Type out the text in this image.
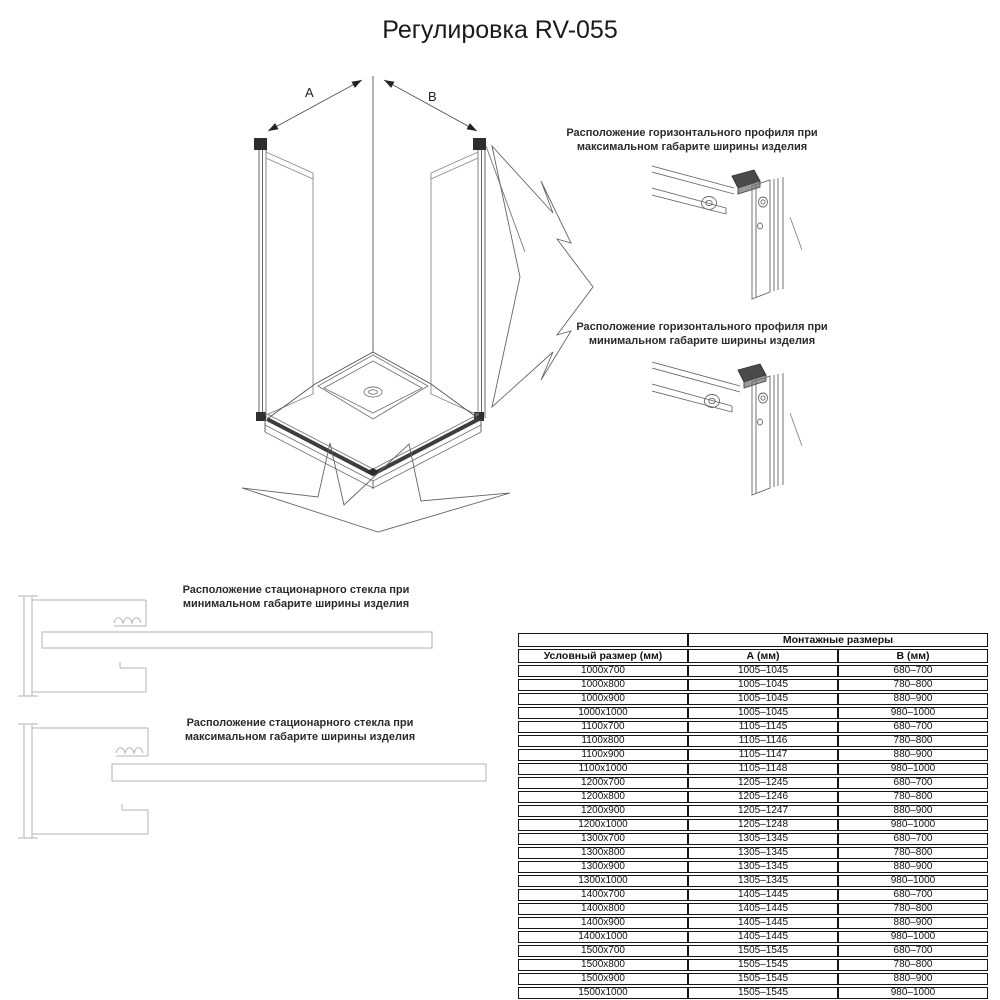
Регулировка RV-055
A	B
Расположение горизонтального профиля при максимальном габарите ширины изделия
Расположение горизонтального профиля при минимальном габарите ширины изделия
Расположение стационарного стекла при минимальном габарите ширины изделия
Расположение стационарного стекла при максимальном габарите ширины изделия
	Монтажные размеры	
Условный размер (мм)	А (мм)	В (мм)
1000x700	1005–1045	680–700
1000x800	1005–1045	780–800
1000x900	1005–1045	880–900
1000x1000	1005–1045	980–1000
1100x700	1105–1145	680–700
1100x800	1105–1146	780–800
1100x900	1105–1147	880–900
1100x1000	1105–1148	980–1000
1200x700	1205–1245	680–700
1200x800	1205–1246	780–800
1200x900	1205–1247	880–900
1200x1000	1205–1248	980–1000
1300x700	1305–1345	680–700
1300x800	1305–1345	780–800
1300x900	1305–1345	880–900
1300x1000	1305–1345	980–1000
1400x700	1405–1445	680–700
1400x800	1405–1445	780–800
1400x900	1405–1445	880–900
1400x1000	1405–1445	980–1000
1500x700	1505–1545	680–700
1500x800	1505–1545	780–800
1500x900	1505–1545	880–900
1500x1000	1505–1545	980–1000
